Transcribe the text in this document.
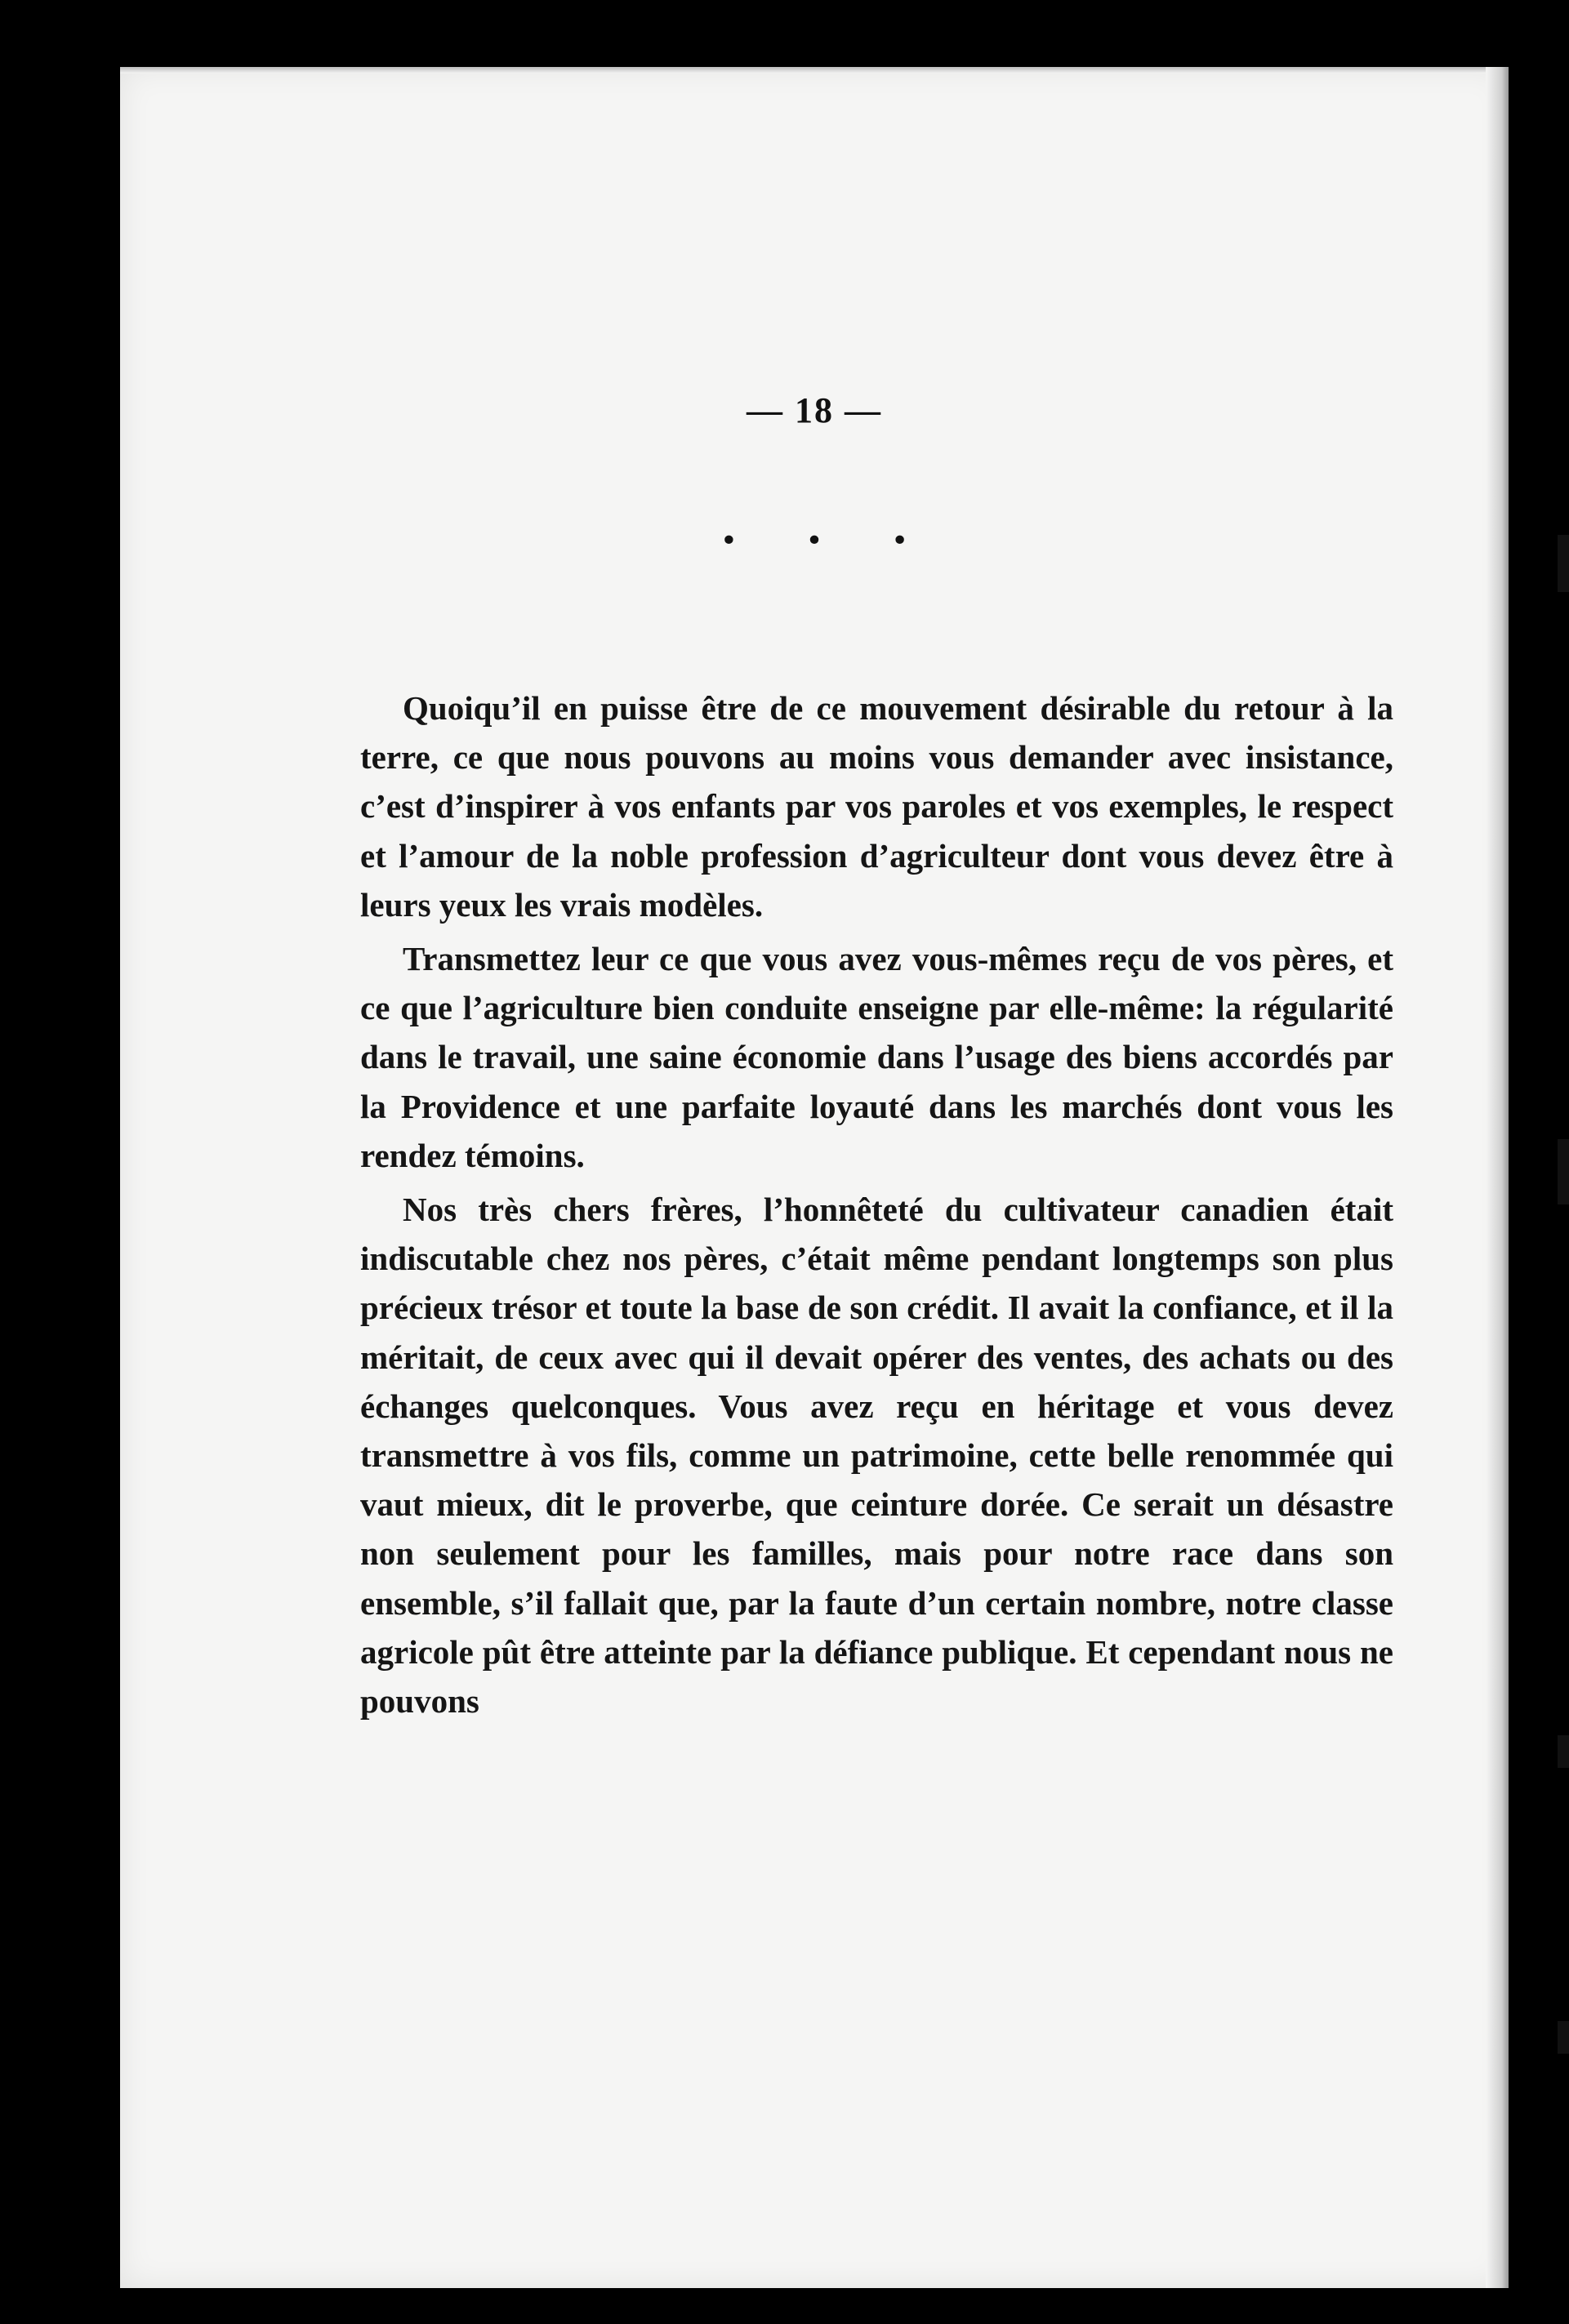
— 18 —
• • •

Quoiqu’il en puisse être de ce mouvement désirable du retour à la terre, ce que nous pouvons au moins vous demander avec insistance, c’est d’inspirer à vos enfants par vos paroles et vos exemples, le respect et l’amour de la noble profession d’agriculteur dont vous devez être à leurs yeux les vrais modèles.

Transmettez leur ce que vous avez vous-mêmes reçu de vos pères, et ce que l’agriculture bien conduite enseigne par elle-même: la régularité dans le travail, une saine économie dans l’usage des biens accordés par la Providence et une parfaite loyauté dans les marchés dont vous les rendez témoins.

Nos très chers frères, l’honnêteté du cultivateur canadien était indiscutable chez nos pères, c’était même pendant longtemps son plus précieux trésor et toute la base de son crédit. Il avait la confiance, et il la méritait, de ceux avec qui il devait opérer des ventes, des achats ou des échanges quelconques. Vous avez reçu en héritage et vous devez transmettre à vos fils, comme un patrimoine, cette belle renommée qui vaut mieux, dit le proverbe, que ceinture dorée. Ce serait un désastre non seulement pour les familles, mais pour notre race dans son ensemble, s’il fallait que, par la faute d’un certain nombre, notre classe agricole pût être atteinte par la défiance publique. Et cependant nous ne pouvons
